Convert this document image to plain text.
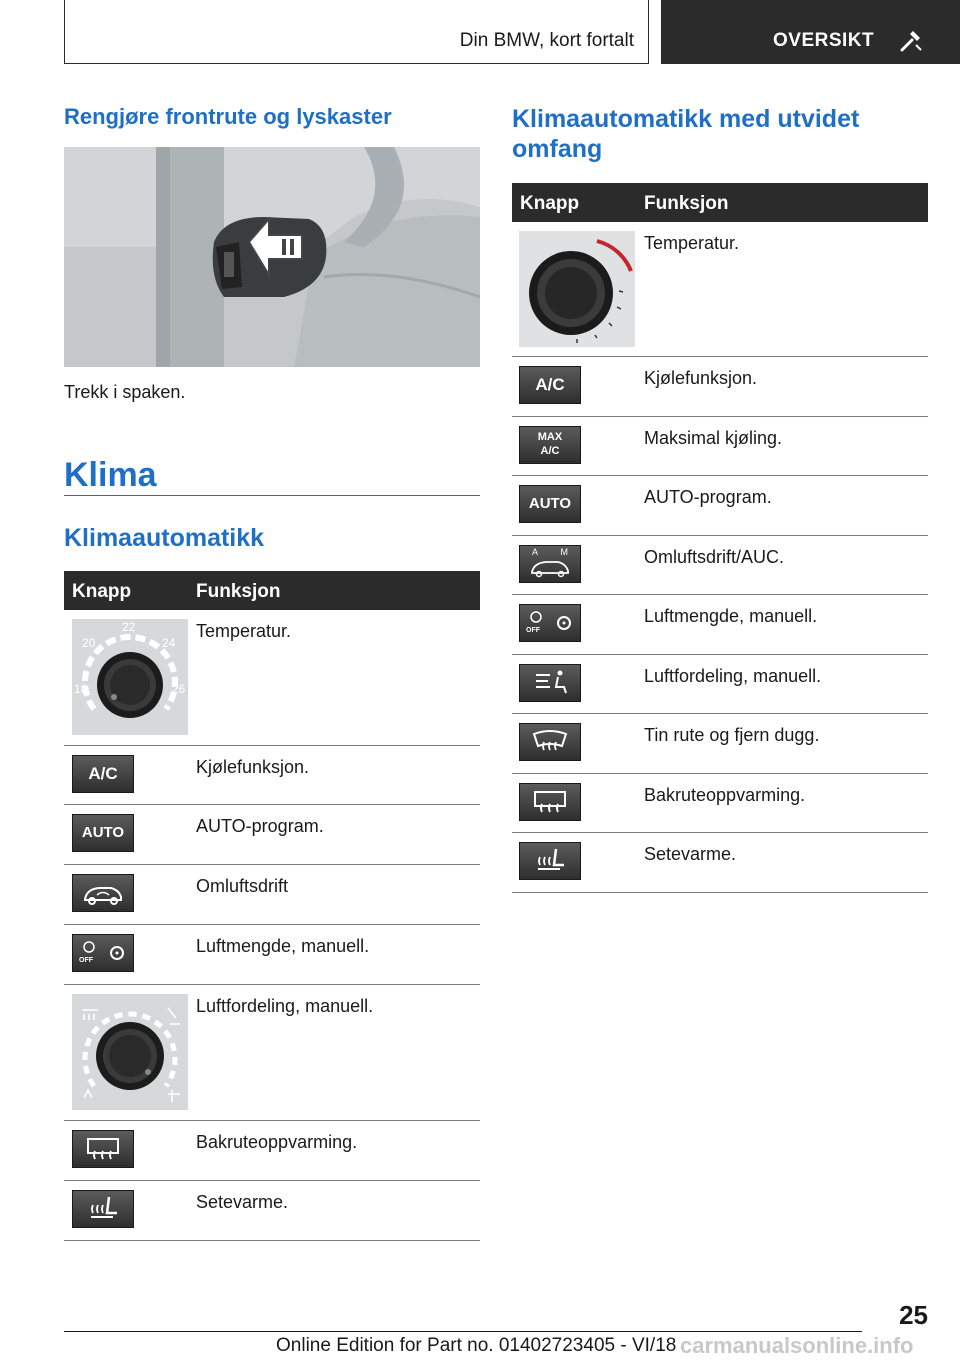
Din BMW, kort fortalt	OVERSIKT
Rengjøre frontrute og lyskaster
Trekk i spaken.
Klima
Klimaautomatikk
Knapp	Funksjon
20
22
24
18	26
Temperatur.
A/C	Kjølefunksjon.
AUTO	AUTO-program.
Omluftsdrift
OFF
Luftmengde, manuell.
Luftfordeling, manuell.
Bakruteoppvarming.
Setevarme.
Klimaautomatikk med utvidet
omfang
Knapp	Funksjon
Temperatur.
A/C	Kjølefunksjon.
MAX
A/C
Maksimal kjøling.
AUTO	AUTO-program.
A M	Omluftsdrift/AUC.
OFF
Luftmengde, manuell.
Luftfordeling, manuell.
Tin rute og fjern dugg.
Bakruteoppvarming.
Setevarme.
25
Online Edition for Part no. 01402723405 - VI/18 carmanualsonline.info
